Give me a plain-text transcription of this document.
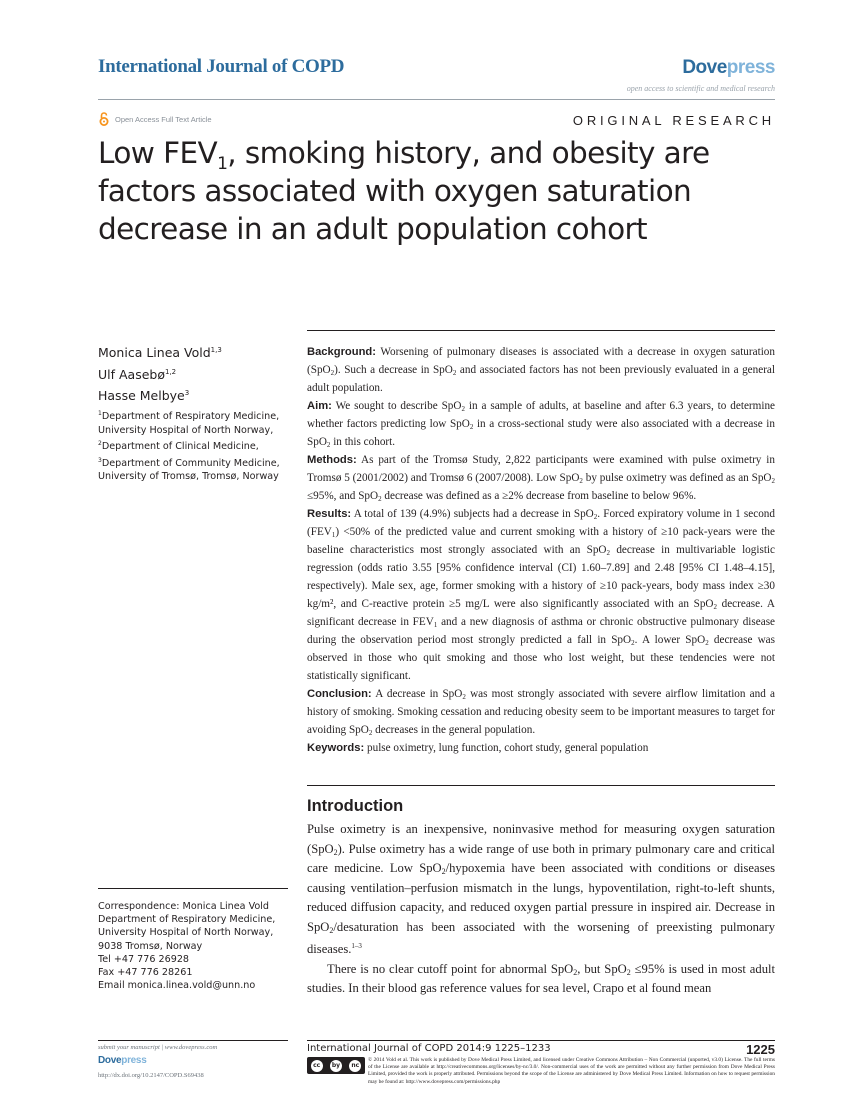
International Journal of COPD	Dovepress
open access to scientific and medical research
Open Access Full Text Article	ORIGINAL RESEARCH
Low $FEV_1$, smoking history, and obesity are factors associated with oxygen saturation decrease in an adult population cohort
Monica Linea Vold$^{1,3}$
Ulf Aasebø$^{1,2}$
Hasse Melbye$^3$
$^1$Department of Respiratory Medicine, University Hospital of North Norway,
$^2$Department of Clinical Medicine,
$^3$Department of Community Medicine, University of Tromsø, Tromsø, Norway

Background: Worsening of pulmonary diseases is associated with a decrease in oxygen saturation (SpO$_2$). Such a decrease in SpO$_2$ and associated factors has not been previously evaluated in a general adult population.

Aim: We sought to describe SpO$_2$ in a sample of adults, at baseline and after 6.3 years, to determine whether factors predicting low SpO$_2$ in a cross-sectional study were also associated with a decrease in SpO$_2$ in this cohort.

Methods: As part of the Tromsø Study, 2,822 participants were examined with pulse oximetry in Tromsø 5 (2001/2002) and Tromsø 6 (2007/2008). Low SpO$_2$ by pulse oximetry was defined as an SpO$_2$ ≤95%, and SpO$_2$ decrease was defined as a ≥2% decrease from baseline to below 96%.

Results: A total of 139 (4.9%) subjects had a decrease in SpO$_2$. Forced expiratory volume in 1 second $(FEV_1) <50\%$ of the predicted value and current smoking with a history of ≥10 pack-years were the baseline characteristics most strongly associated with an SpO$_2$ decrease in multivariable logistic regression (odds ratio 3.55 [95% confidence interval (CI) 1.60–7.89] and 2.48 [95% CI 1.48–4.15], respectively). Male sex, age, former smoking with a history of ≥10 pack-years, body mass index ≥30 kg/m², and C-reactive protein ≥5 mg/L were also significantly associated with an SpO$_2$ decrease. A significant decrease in $FEV_1$ and a new diagnosis of asthma or chronic obstructive pulmonary disease during the observation period most strongly predicted a fall in SpO$_2$. A lower SpO$_2$ decrease was observed in those who quit smoking and those who lost weight, but these tendencies were not statistically significant.

Conclusion: A decrease in SpO$_2$ was most strongly associated with severe airflow limitation and a history of smoking. Smoking cessation and reducing obesity seem to be important measures to target for avoiding SpO$_2$ decreases in the general population.

Keywords: pulse oximetry, lung function, cohort study, general population

Introduction

Pulse oximetry is an inexpensive, noninvasive method for measuring oxygen saturation (SpO$_2$). Pulse oximetry has a wide range of use both in primary pulmonary care and critical care medicine. Low SpO$_2$/hypoxemia have been associated with conditions or diseases causing ventilation–perfusion mismatch in the lungs, hypoventilation, right-to-left shunts, reduced diffusion capacity, and reduced oxygen partial pressure in inspired air. Decrease in SpO$_2$/desaturation has been associated with the worsening of preexisting pulmonary diseases.$^{1-3}$

There is no clear cutoff point for abnormal SpO$_2$, but SpO$_2$ ≤95% is used in most adult studies. In their blood gas reference values for sea level, Crapo et al found mean

Correspondence: Monica Linea Vold
Department of Respiratory Medicine,
University Hospital of North Norway,
9038 Tromsø, Norway
Tel +47 776 26928
Fax +47 776 28261
Email monica.linea.vold@unn.no
submit your manuscript | www.dovepress.com
Dovepress
http://dx.doi.org/10.2147/COPD.S69438
International Journal of COPD 2014:9 1225–1233	1225
cc	by	nc
© 2014 Vold et al. This work is published by Dove Medical Press Limited, and licensed under Creative Commons Attribution – Non Commercial (unported, v3.0) License. The full terms of the License are available at http://creativecommons.org/licenses/by-nc/3.0/. Non-commercial uses of the work are permitted without any further permission from Dove Medical Press Limited, provided the work is properly attributed. Permissions beyond the scope of the License are administered by Dove Medical Press Limited. Information on how to request permission may be found at: http://www.dovepress.com/permissions.php
